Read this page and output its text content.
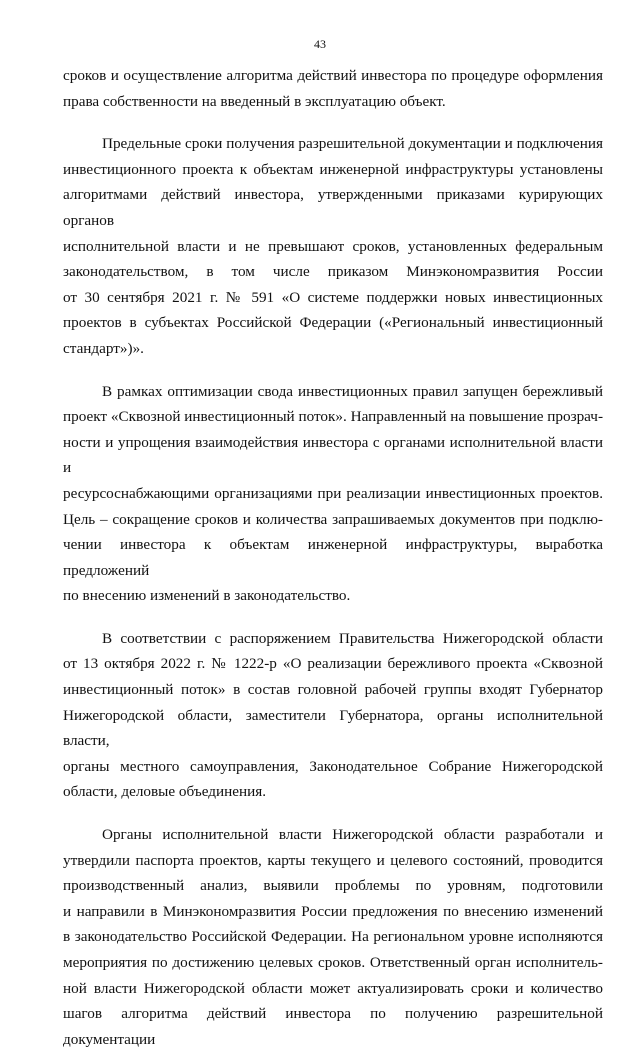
43
сроков и осуществление алгоритма действий инвестора по процедуре оформления
права собственности на введенный в эксплуатацию объект.
Предельные сроки получения разрешительной документации и подключения
инвестиционного проекта к объектам инженерной инфраструктуры установлены
алгоритмами действий инвестора, утвержденными приказами курирующих органов
исполнительной власти и не превышают сроков, установленных федеральным
законодательством, в том числе приказом Минэкономразвития России
от 30 сентября 2021 г. № 591 «О системе поддержки новых инвестиционных
проектов в субъектах Российской Федерации («Региональный инвестиционный
стандарт»)».
В рамках оптимизации свода инвестиционных правил запущен бережливый
проект «Сквозной инвестиционный поток». Направленный на повышение прозрач-
ности и упрощения взаимодействия инвестора с органами исполнительной власти и
ресурсоснабжающими организациями при реализации инвестиционных проектов.
Цель – сокращение сроков и количества запрашиваемых документов при подклю-
чении инвестора к объектам инженерной инфраструктуры, выработка предложений
по внесению изменений в законодательство.
В соответствии с распоряжением Правительства Нижегородской области
от 13 октября 2022 г. № 1222-р «О реализации бережливого проекта «Сквозной
инвестиционный поток» в состав головной рабочей группы входят Губернатор
Нижегородской области, заместители Губернатора, органы исполнительной власти,
органы местного самоуправления, Законодательное Собрание Нижегородской
области, деловые объединения.
Органы исполнительной власти Нижегородской области разработали и
утвердили паспорта проектов, карты текущего и целевого состояний, проводится
производственный анализ, выявили проблемы по уровням, подготовили
и направили в Минэкономразвития России предложения по внесению изменений
в законодательство Российской Федерации. На региональном уровне исполняются
мероприятия по достижению целевых сроков. Ответственный орган исполнитель-
ной власти Нижегородской области может актуализировать сроки и количество
шагов алгоритма действий инвестора по получению разрешительной документации
